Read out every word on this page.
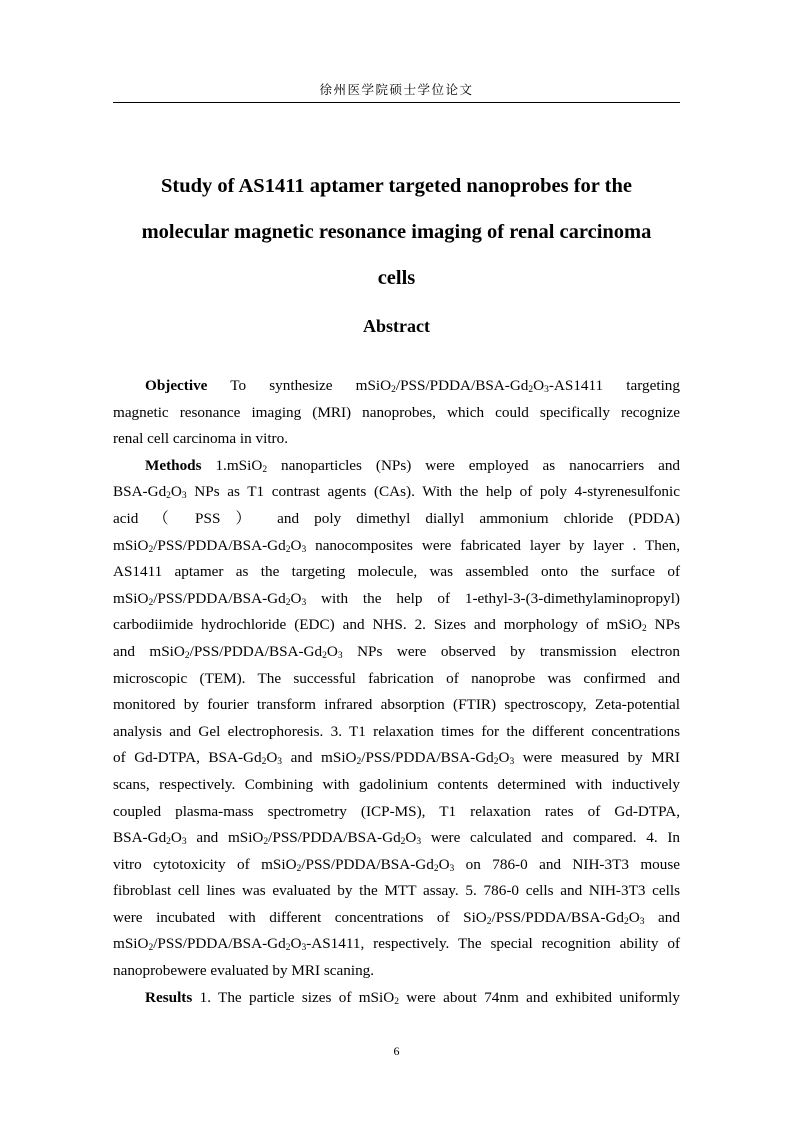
徐州医学院硕士学位论文
Study of AS1411 aptamer targeted nanoprobes for the
molecular magnetic resonance imaging of renal carcinoma
cells
Abstract
Objective To synthesize $mSiO_2/PSS/PDDA/BSA-Gd_2O_3-AS1411$ targeting
magnetic resonance imaging (MRI) nanoprobes, which could specifically recognize
renal cell carcinoma in vitro.
Methods 1.mSiO$_2$ nanoparticles (NPs) were employed as nanocarriers and
BSA-$Gd_2O_3$ NPs as T1 contrast agents (CAs). With the help of poly 4-styrenesulfonic
acid （ PSS ） and poly dimethyl diallyl ammonium chloride (PDDA)
$mSiO_2/PSS/PDDA/BSA-Gd_2O_3$ nanocomposites were fabricated layer by layer . Then,
AS1411 aptamer as the targeting molecule, was assembled onto the surface of
$mSiO_2/PSS/PDDA/BSA-Gd_2O_3$ with the help of 1-ethyl-3-(3-dimethylaminopropyl)
carbodiimide hydrochloride (EDC) and NHS. 2. Sizes and morphology of mSiO$_2$ NPs
and $mSiO_2/PSS/PDDA/BSA-Gd_2O_3$ NPs were observed by transmission electron
microscopic (TEM). The successful fabrication of nanoprobe was confirmed and
monitored by fourier transform infrared absorption (FTIR) spectroscopy, Zeta-potential
analysis and Gel electrophoresis. 3. T1 relaxation times for the different concentrations
of Gd-DTPA, BSA-$Gd_2O_3$ and $mSiO_2/PSS/PDDA/BSA-Gd_2O_3$ were measured by MRI
scans, respectively. Combining with gadolinium contents determined with inductively
coupled plasma-mass spectrometry (ICP-MS), T1 relaxation rates of Gd-DTPA,
BSA-$Gd_2O_3$ and $mSiO_2/PSS/PDDA/BSA-Gd_2O_3$ were calculated and compared. 4. In
vitro cytotoxicity of $mSiO_2/PSS/PDDA/BSA-Gd_2O_3$ on 786-0 and NIH-3T3 mouse
fibroblast cell lines was evaluated by the MTT assay. 5. 786-0 cells and NIH-3T3 cells
were incubated with different concentrations of $SiO_2/PSS/PDDA/BSA-Gd_2O_3$ and
$mSiO_2/PSS/PDDA/BSA-Gd_2O_3-AS1411$, respectively. The special recognition ability of
nanoprobewere evaluated by MRI scaning.
Results 1. The particle sizes of mSiO$_2$ were about 74nm and exhibited uniformly
6
